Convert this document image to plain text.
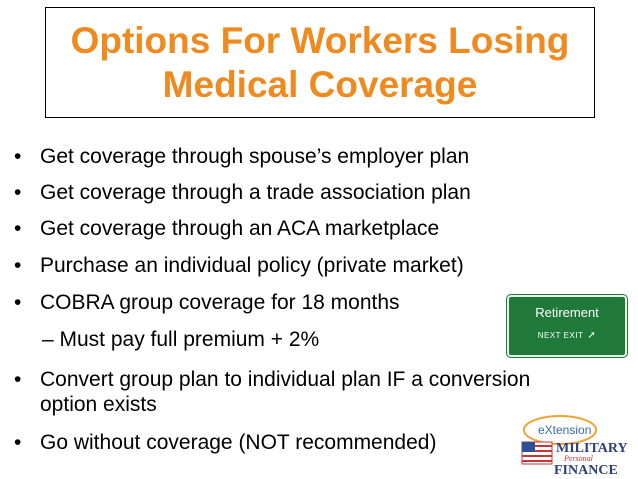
Options For Workers Losing
Medical Coverage
• Get coverage through spouse’s employer plan
• Get coverage through a trade association plan
• Get coverage through an ACA marketplace
• Purchase an individual policy (private market)
• COBRA group coverage for 18 months
– Must pay full premium + 2%
• Convert group plan to individual plan IF a conversion
option exists
• Go without coverage (NOT recommended)
Retirement
NEXT EXIT ➚
eXtension
MILITARY
Personal
FINANCE
